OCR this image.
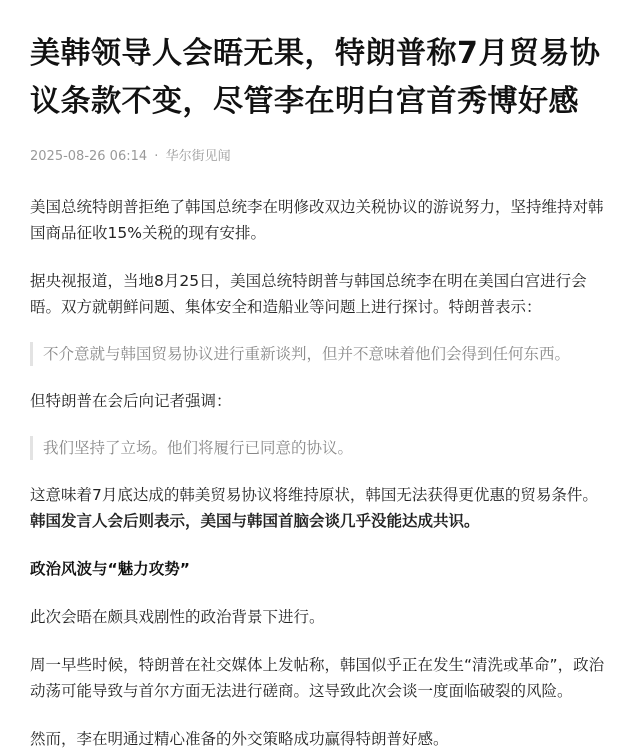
美韩领导人会晤无果，特朗普称7月贸易协议条款不变，尽管李在明白宫首秀博好感
2025-08-26 06:14 · 华尔街见闻

美国总统特朗普拒绝了韩国总统李在明修改双边关税协议的游说努力，坚持维持对韩国商品征收15%关税的现有安排。

据央视报道，当地8月25日，美国总统特朗普与韩国总统李在明在美国白宫进行会晤。双方就朝鲜问题、集体安全和造船业等问题上进行探讨。特朗普表示：

不介意就与韩国贸易协议进行重新谈判，但并不意味着他们会得到任何东西。

但特朗普在会后向记者强调：

我们坚持了立场。他们将履行已同意的协议。

这意味着7月底达成的韩美贸易协议将维持原状，韩国无法获得更优惠的贸易条件。

韩国发言人会后则表示，美国与韩国首脑会谈几乎没能达成共识。

政治风波与“魅力攻势”

此次会晤在颇具戏剧性的政治背景下进行。

周一早些时候，特朗普在社交媒体上发帖称，韩国似乎正在发生“清洗或革命”，政治动荡可能导致与首尔方面无法进行磋商。这导致此次会谈一度面临破裂的风险。

然而，李在明通过精心准备的外交策略成功赢得特朗普好感。
